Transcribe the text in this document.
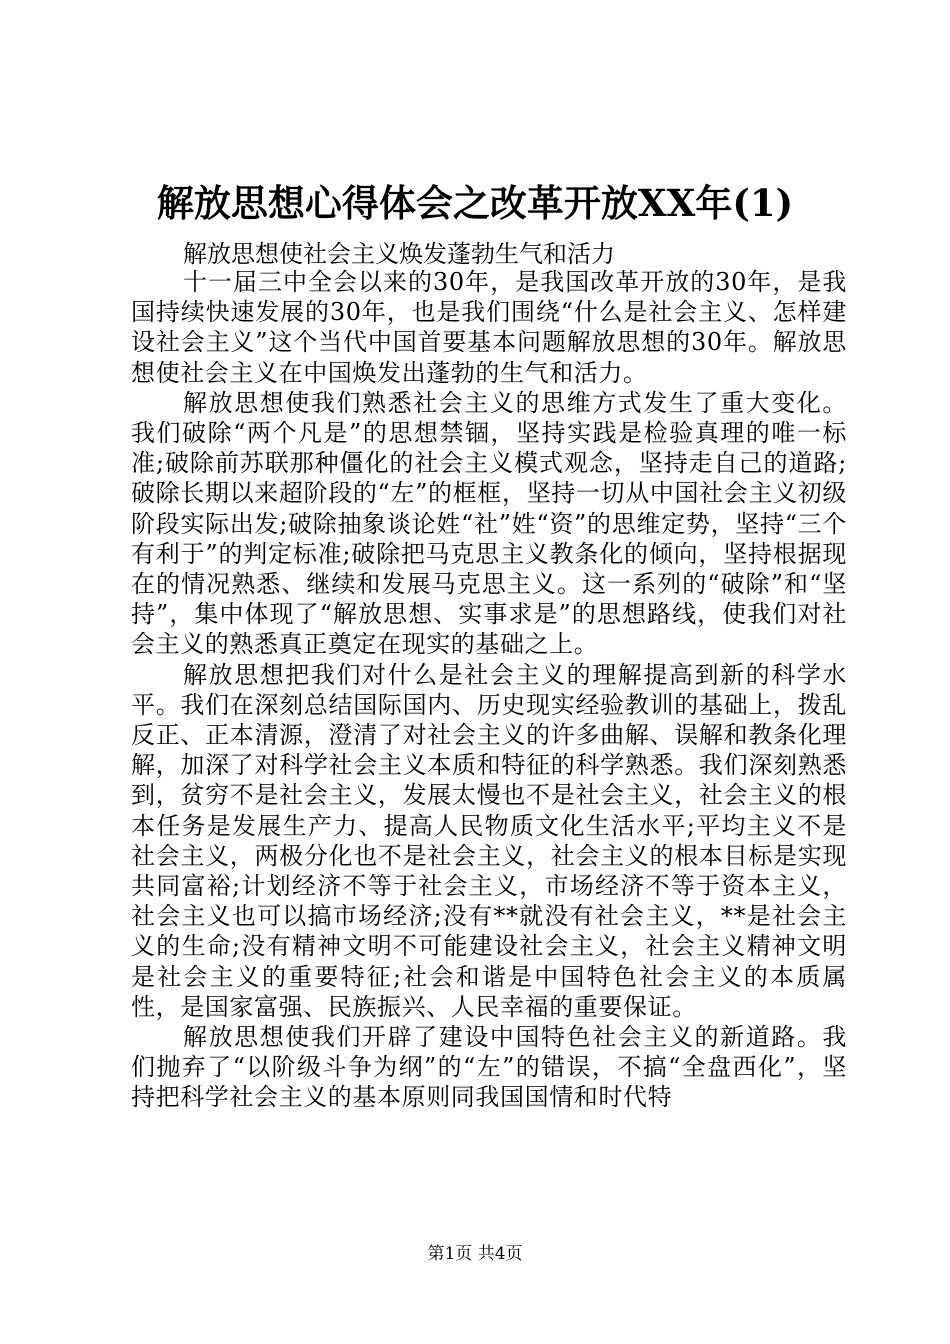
解放思想心得体会之改革开放XX年(1)
解放思想使社会主义焕发蓬勃生气和活力

十一届三中全会以来的30年，是我国改革开放的30年，是我国持续快速发展的30年，也是我们围绕“什么是社会主义、怎样建设社会主义”这个当代中国首要基本问题解放思想的30年。解放思想使社会主义在中国焕发出蓬勃的生气和活力。

解放思想使我们熟悉社会主义的思维方式发生了重大变化。我们破除“两个凡是”的思想禁锢，坚持实践是检验真理的唯一标准;破除前苏联那种僵化的社会主义模式观念，坚持走自己的道路;破除长期以来超阶段的“左”的框框，坚持一切从中国社会主义初级阶段实际出发;破除抽象谈论姓“社”姓“资”的思维定势，坚持“三个有利于”的判定标准;破除把马克思主义教条化的倾向，坚持根据现在的情况熟悉、继续和发展马克思主义。这一系列的“破除”和“坚持”，集中体现了“解放思想、实事求是”的思想路线，使我们对社会主义的熟悉真正奠定在现实的基础之上。

解放思想把我们对什么是社会主义的理解提高到新的科学水平。我们在深刻总结国际国内、历史现实经验教训的基础上，拨乱反正、正本清源，澄清了对社会主义的许多曲解、误解和教条化理解，加深了对科学社会主义本质和特征的科学熟悉。我们深刻熟悉到，贫穷不是社会主义，发展太慢也不是社会主义，社会主义的根本任务是发展生产力、提高人民物质文化生活水平;平均主义不是社会主义，两极分化也不是社会主义，社会主义的根本目标是实现共同富裕;计划经济不等于社会主义，市场经济不等于资本主义，社会主义也可以搞市场经济;没有**就没有社会主义，**是社会主义的生命;没有精神文明不可能建设社会主义，社会主义精神文明是社会主义的重要特征;社会和谐是中国特色社会主义的本质属性，是国家富强、民族振兴、人民幸福的重要保证。

解放思想使我们开辟了建设中国特色社会主义的新道路。我们抛弃了“以阶级斗争为纲”的“左”的错误，不搞“全盘西化”，坚持把科学社会主义的基本原则同我国国情和时代特

第1页 共4页
